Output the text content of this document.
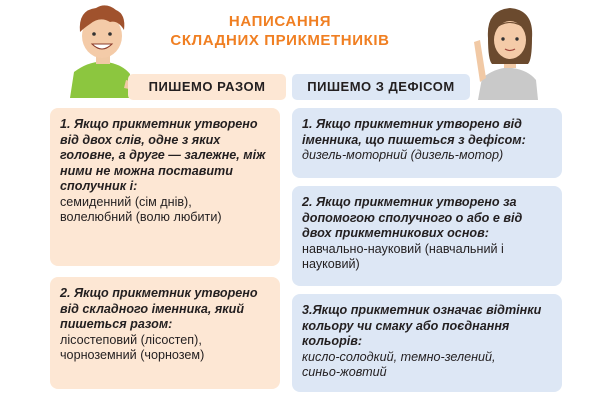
НАПИСАННЯ
СКЛАДНИХ ПРИКМЕТНИКІВ
ПИШЕМО РАЗОМ	ПИШЕМО З ДЕФІСОМ
1. Якщо прикметник утворено від двох слів, одне з яких головне, а друге — залежне, між ними не можна поставити сполучник і:
семиденний (сім днів),
волелюбний (волю любити)
2. Якщо прикметник утворено від складного іменника, який пишеться разом:
лісостеповий (лісостеп),
чорноземний (чорнозем)
1. Якщо прикметник утворено від іменника, що пишеться з дефісом:
дизель-моторний (дизель-мотор)
2. Якщо прикметник утворено за допомогою сполучного о або е від двох прикметникових основ:
навчально-науковий (навчальний і науковий)
3.Якщо прикметник означає відтінки кольору чи смаку або поєднання кольорів:
кисло-солодкий, темно-зелений,
синьо-жовтий
